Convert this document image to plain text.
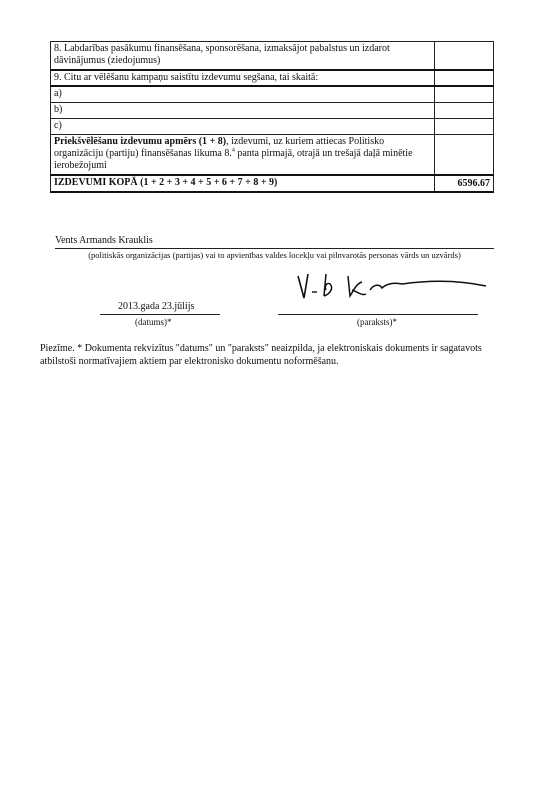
8. Labdarības pasākumu finansēšana, sponsorēšana, izmaksājot pabalstus un izdarot dāvinājumus (ziedojumus)	
9. Citu ar vēlēšanu kampaņu saistītu izdevumu segšana, tai skaitā:	
a)	
b)	
c)	
Priekšvēlēšanu izdevumu apmērs (1 + 8), izdevumi, uz kuriem attiecas Politisko organizāciju (partiju) finansēšanas likuma 8.$^4$ panta pirmajā, otrajā un trešajā daļā minētie ierobežojumi	
IZDEVUMI KOPĀ (1 + 2 + 3 + 4 + 5 + 6 + 7 + 8 + 9)	6596.67
Vents Armands Krauklis
(politiskās organizācijas (partijas) vai to apvienības valdes locekļu vai pilnvarotās personas vārds un uzvārds)
2013.gada 23.jūlijs
(datums)*	(paraksts)*
Piezīme. * Dokumenta rekvizītus "datums" un "paraksts" neaizpilda, ja elektroniskais dokuments ir sagatavots atbilstoši normatīvajiem aktiem par elektronisko dokumentu noformēšanu.
